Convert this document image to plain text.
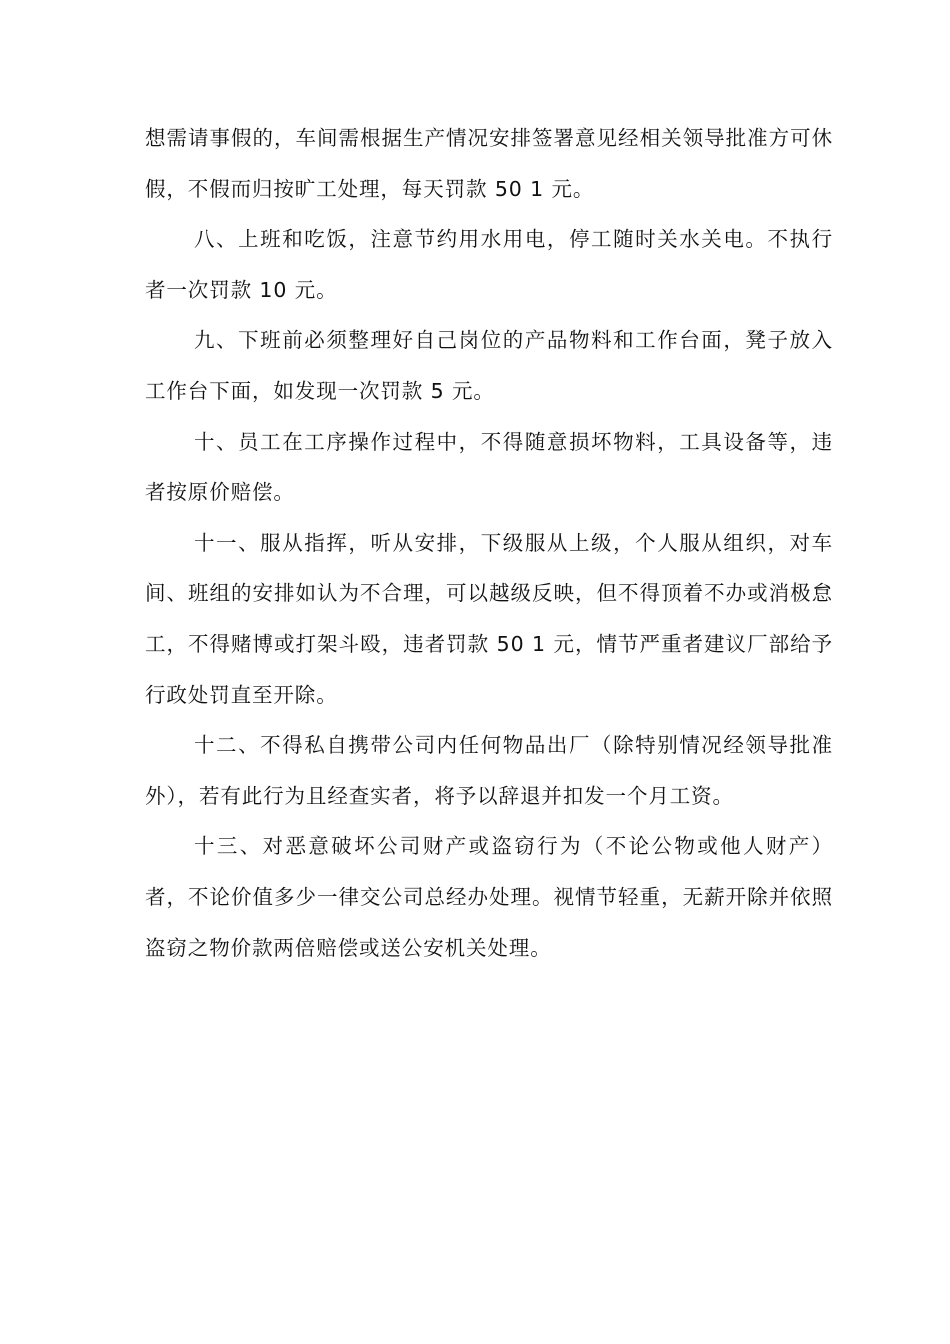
想需请事假的，车间需根据生产情况安排签署意见经相关领导批准方可休假，不假而归按旷工处理，每天罚款 50 1 元。

八、上班和吃饭，注意节约用水用电，停工随时关水关电。不执行者一次罚款 10 元。

九、下班前必须整理好自己岗位的产品物料和工作台面，凳子放入工作台下面，如发现一次罚款 5 元。

十、员工在工序操作过程中，不得随意损坏物料，工具设备等，违者按原价赔偿。

十一、服从指挥，听从安排，下级服从上级，个人服从组织，对车间、班组的安排如认为不合理，可以越级反映，但不得顶着不办或消极怠工，不得赌博或打架斗殴，违者罚款 50 1 元，情节严重者建议厂部给予行政处罚直至开除。

十二、不得私自携带公司内任何物品出厂（除特别情况经领导批准外），若有此行为且经查实者，将予以辞退并扣发一个月工资。

十三、对恶意破坏公司财产或盗窃行为（不论公物或他人财产）者，不论价值多少一律交公司总经办处理。视情节轻重，无薪开除并依照盗窃之物价款两倍赔偿或送公安机关处理。
